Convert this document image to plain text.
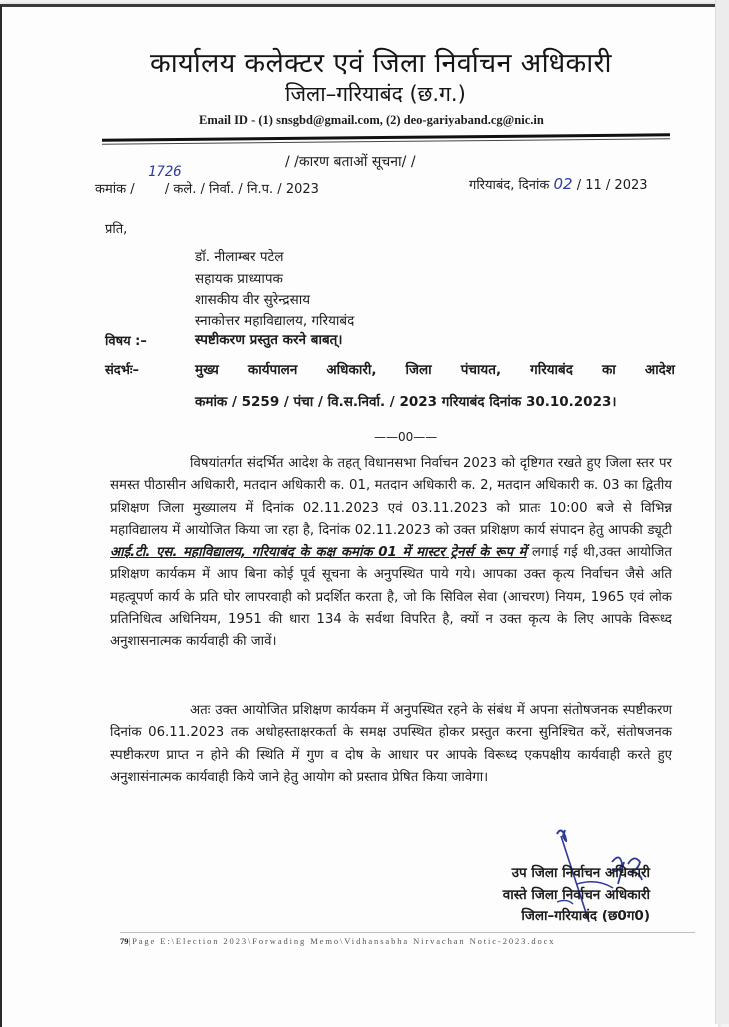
कार्यालय कलेक्टर एवं जिला निर्वाचन अधिकारी
जिला–गरियाबंद (छ.ग.)
Email ID - (1) snsgbd@gmail.com, (2) deo-gariyaband.cg@nic.in
/ /कारण बताओं सूचना/ /
1726
कमांक / / कले. / निर्वा. / नि.प. / 2023	गरियाबंद, दिनांक 02 / 11 / 2023
प्रति,
डॉ. नीलाम्बर पटेल
सहायक प्राध्यापक
शासकीय वीर सुरेन्द्रसाय
स्नाकोत्तर महाविद्यालय, गरियाबंद
विषय :–	स्पष्टीकरण प्रस्तुत करने बाबत्।
संदर्भः–	मुख्य कार्यपालन अधिकारी, जिला पंचायत, गरियाबंद का आदेश
कमांक / 5259 / पंचा / वि.स.निर्वा. / 2023 गरियाबंद दिनांक 30.10.2023।
——00——

विषयांतर्गत संदर्भित आदेश के तहत् विधानसभा निर्वाचन 2023 को दृष्टिगत रखते हुए जिला स्तर पर समस्त पीठासीन अधिकारी, मतदान अधिकारी क. 01, मतदान अधिकारी क. 2, मतदान अधिकारी क. 03 का द्वितीय प्रशिक्षण जिला मुख्यालय में दिनांक 02.11.2023 एवं 03.11.2023 को प्रातः 10:00 बजे से विभिन्न महाविद्यालय में आयोजित किया जा रहा है, दिनांक 02.11.2023 को उक्त प्रशिक्षण कार्य संपादन हेतु आपकी ड्यूटी आई.टी. एस. महाविद्यालय, गरियाबंद के कक्ष कमांक 01 में मास्टर ट्रेनर्स के रूप में लगाई गई थी,उक्त आयोजित प्रशिक्षण कार्यकम में आप बिना कोई पूर्व सूचना के अनुपस्थित पाये गये। आपका उक्त कृत्य निर्वाचन जैसे अति महत्वूपर्ण कार्य के प्रति घोर लापरवाही को प्रदर्शित करता है, जो कि सिविल सेवा (आचरण) नियम, 1965 एवं लोक प्रतिनिधित्व अधिनियम, 1951 की धारा 134 के सर्वथा विपरित है, क्यों न उक्त कृत्य के लिए आपके विरूध्द अनुशासनात्मक कार्यवाही की जावें।

अतः उक्त आयोजित प्रशिक्षण कार्यकम में अनुपस्थित रहने के संबंध में अपना संतोषजनक स्पष्टीकरण दिनांक 06.11.2023 तक अधोहस्ताक्षरकर्ता के समक्ष उपस्थित होकर प्रस्तुत करना सुनिश्चित करें, संतोषजनक स्पष्टीकरण प्राप्त न होने की स्थिति में गुण व दोष के आधार पर आपके विरूध्द एकपक्षीय कार्यवाही करते हुए अनुशासंनात्मक कार्यवाही किये जाने हेतु आयोग को प्रस्ताव प्रेषित किया जावेगा।

उप जिला निर्वाचन अधिकारी
वास्ते जिला निर्वाचन अधिकारी
जिला–गरियाबंद (छ0ग0)
79|Page E:\Election 2023\Forwading Memo\Vidhansabha Nirvachan Notic-2023.docx
